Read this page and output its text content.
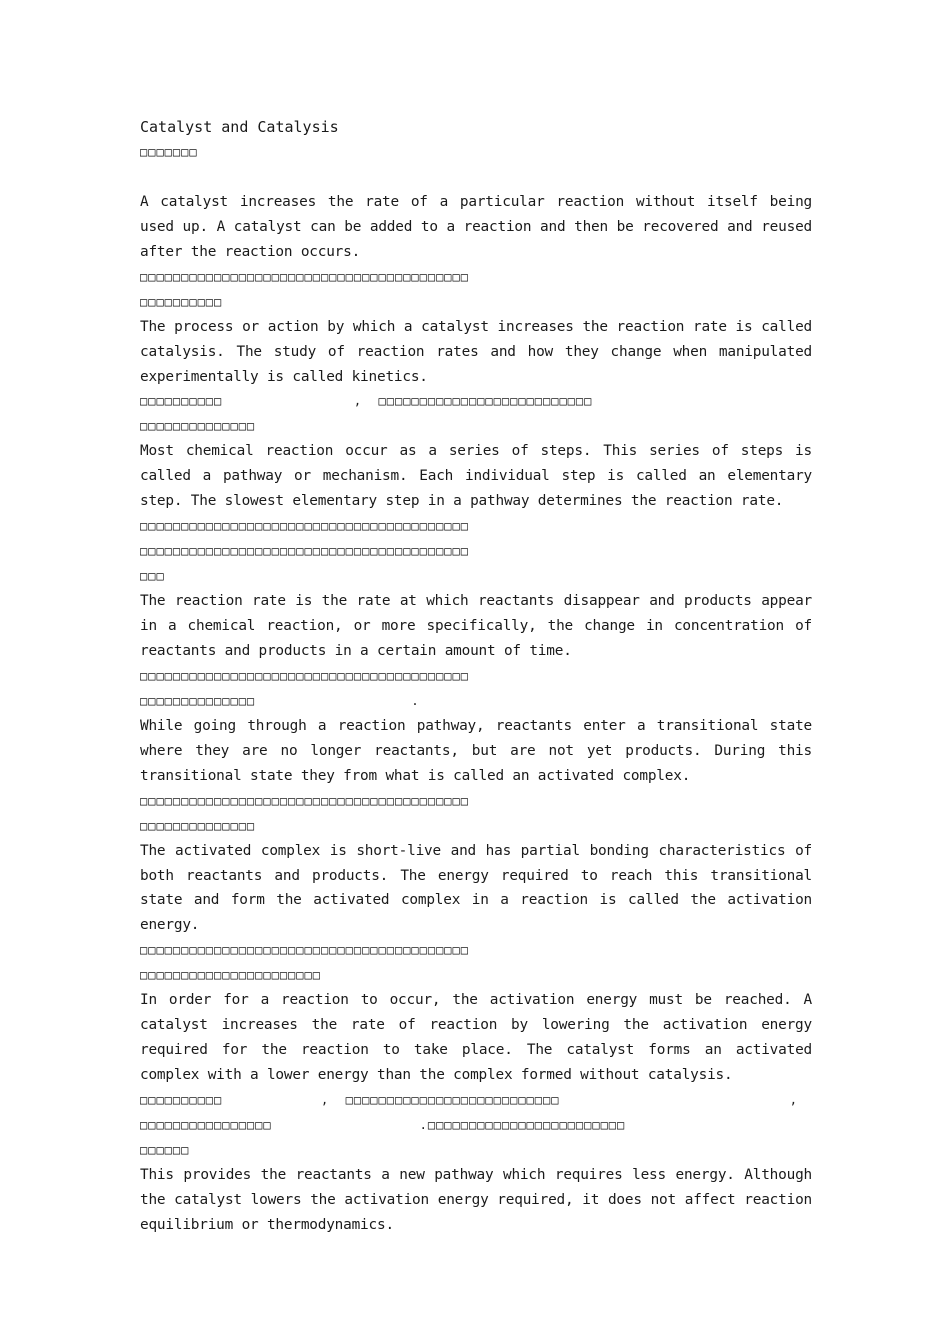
Catalyst and Catalysis
□□□□□□□
A catalyst increases the rate of a particular reaction without itself being used up. A catalyst can be added to a reaction and then be recovered and reused after the reaction occurs.
□□□□□□□□□□□□□□□□□□□□□□□□□□□□□□□□□□□□□□□□
□□□□□□□□□□
The process or action by which a catalyst increases the reaction rate is called catalysis. The study of reaction rates and how they change when manipulated experimentally is called kinetics.
□□□□□□□□□□                ,  □□□□□□□□□□□□□□□□□□□□□□□□□□
□□□□□□□□□□□□□□
Most chemical reaction occur as a series of steps. This series of steps is called a pathway or mechanism. Each individual step is called an elementary step. The slowest elementary step in a pathway determines the reaction rate.
□□□□□□□□□□□□□□□□□□□□□□□□□□□□□□□□□□□□□□□□
□□□□□□□□□□□□□□□□□□□□□□□□□□□□□□□□□□□□□□□□
□□□
The reaction rate is the rate at which reactants disappear and products appear in a chemical reaction, or more specifically, the change in concentration of reactants and products in a certain amount of time.
□□□□□□□□□□□□□□□□□□□□□□□□□□□□□□□□□□□□□□□□
□□□□□□□□□□□□□□                   .
While going through a reaction pathway, reactants enter a transitional state where they are no longer reactants, but are not yet products. During this transitional state they from what is called an activated complex.
□□□□□□□□□□□□□□□□□□□□□□□□□□□□□□□□□□□□□□□□
□□□□□□□□□□□□□□
The activated complex is short-live and has partial bonding characteristics of both reactants and products. The energy required to reach this transitional state and form the activated complex in a reaction is called the activation energy.
□□□□□□□□□□□□□□□□□□□□□□□□□□□□□□□□□□□□□□□□
□□□□□□□□□□□□□□□□□□□□□□
In order for a reaction to occur, the activation energy must be reached. A catalyst increases the rate of reaction by lowering the activation energy required for the reaction to take place. The catalyst forms an activated complex with a lower energy than the complex formed without catalysis.
□□□□□□□□□□            ,  □□□□□□□□□□□□□□□□□□□□□□□□□□                            ,
□□□□□□□□□□□□□□□□                  .□□□□□□□□□□□□□□□□□□□□□□□□
□□□□□□
This provides the reactants a new pathway which requires less energy. Although the catalyst lowers the activation energy required, it does not affect reaction equilibrium or thermodynamics.
